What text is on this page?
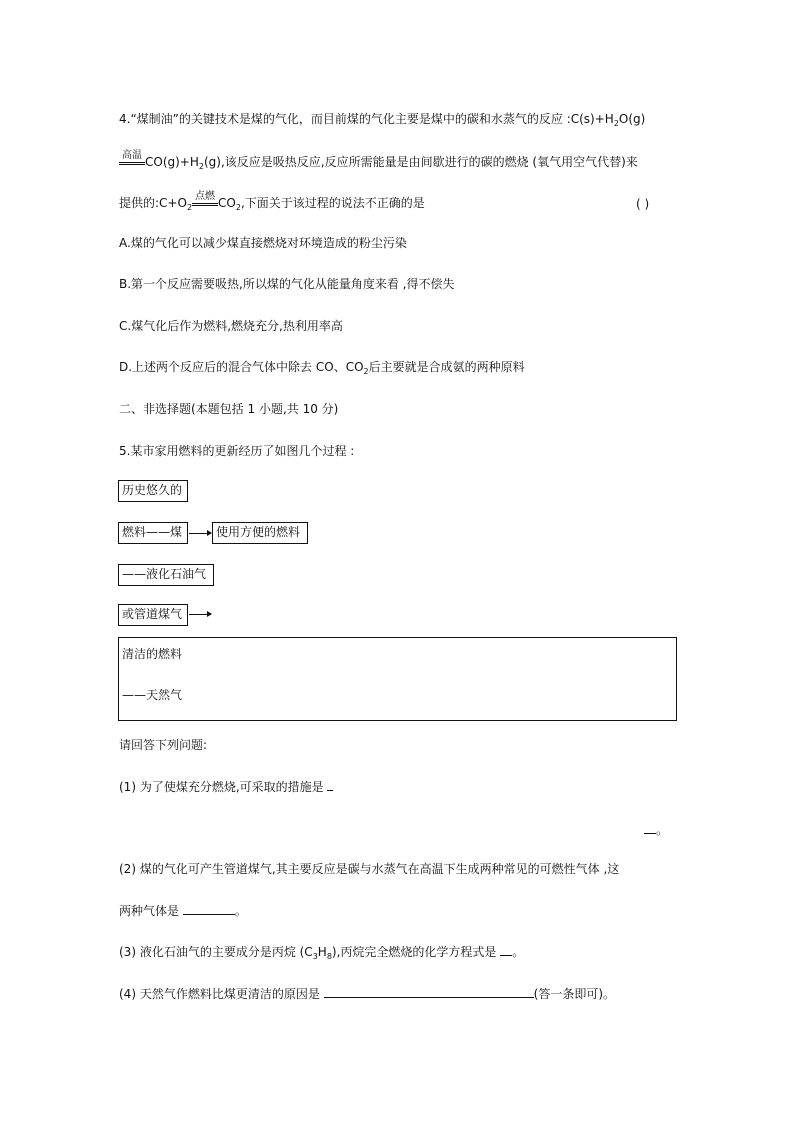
4.“煤制油”的关键技术是煤的气化，而目前煤的气化主要是煤中的碳和水蒸气的反应 $:C(s)+H_2O(g)$
高温 $CO(g)+H_2(g)$,该反应是吸热反应,反应所需能量是由间歇进行的碳的燃烧 (氧气用空气代替)来
提供的$:C+O_2$
点燃 $CO_2$,下面关于该过程的说法不正确的是	( )
A.煤的气化可以减少煤直接燃烧对环境造成的粉尘污染
B.第一个反应需要吸热,所以煤的气化从能量角度来看 ,得不偿失
C.煤气化后作为燃料,燃烧充分,热利用率高
D.上述两个反应后的混合气体中除去 CO、$CO_2$后主要就是合成氨的两种原料
二、非选择题(本题包括 1 小题,共 10 分)
5.某市家用燃料的更新经历了如图几个过程 :
历史悠久的
燃料——煤	使用方便的燃料
——液化石油气
或管道煤气
清洁的燃料
——天然气
请回答下列问题:
(1) 为了使煤充分燃烧,可采取的措施是
。
(2) 煤的气化可产生管道煤气,其主要反应是碳与水蒸气在高温下生成两种常见的可燃性气体 ,这
两种气体是	。
(3) 液化石油气的主要成分是丙烷 $(C_3H_8)$,丙烷完全燃烧的化学方程式是 。
(4) 天然气作燃料比煤更清洁的原因是	(答一条即可)。
